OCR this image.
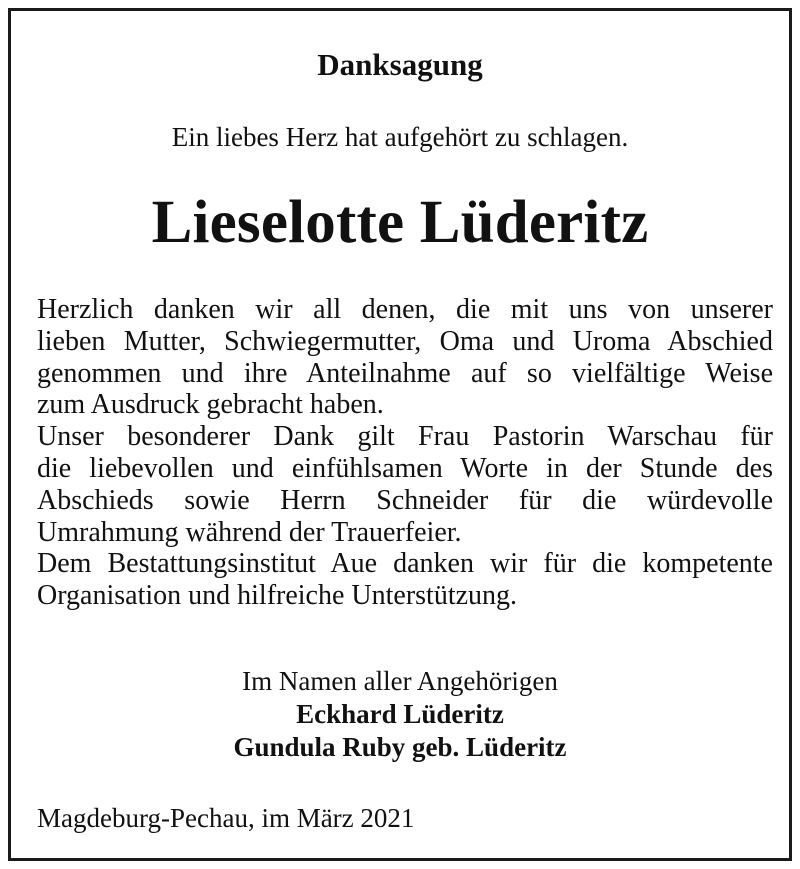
Danksagung
Ein liebes Herz hat aufgehört zu schlagen.
Lieselotte Lüderitz
Herzlich danken wir all denen, die mit uns von unserer
lieben Mutter, Schwiegermutter, Oma und Uroma Abschied
genommen und ihre Anteilnahme auf so vielfältige Weise
zum Ausdruck gebracht haben.
Unser besonderer Dank gilt Frau Pastorin Warschau für
die liebevollen und einfühlsamen Worte in der Stunde des
Abschieds sowie Herrn Schneider für die würdevolle
Umrahmung während der Trauerfeier.
Dem Bestattungsinstitut Aue danken wir für die kompetente
Organisation und hilfreiche Unterstützung.
Im Namen aller Angehörigen
Eckhard Lüderitz
Gundula Ruby geb. Lüderitz
Magdeburg-Pechau, im März 2021
